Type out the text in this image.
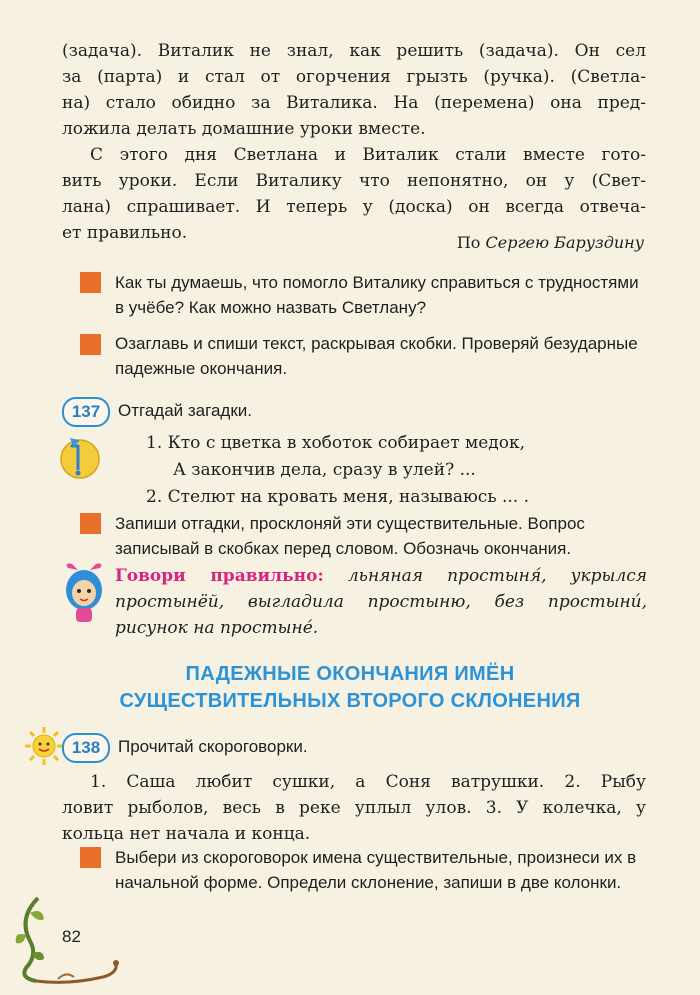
(задача). Виталик не знал, как решить (задача). Он сел
за (парта) и стал от огорчения грызть (ручка). (Светла-
на) стало обидно за Виталика. На (перемена) она пред-
ложила делать домашние уроки вместе.
С этого дня Светлана и Виталик стали вместе гото-
вить уроки. Если Виталику что непонятно, он у (Свет-
лана) спрашивает. И теперь у (доска) он всегда отвеча-
ет правильно.	По Сергею Баруздину
Как ты думаешь, что помогло Виталику справиться с трудностями в учёбе? Как можно назвать Светлану?
Озаглавь и спиши текст, раскрывая скобки. Проверяй безударные падежные окончания.
137	Отгадай загадки.
1. Кто с цветка в хоботок собирает медок,
А закончив дела, сразу в улей? ...
2. Стелют на кровать меня, называюсь ... .
Запиши отгадки, просклоняй эти существительные. Вопрос записывай в скобках перед словом. Обозначь окончания.
Говори правильно: льняная простыня́, укрылся
простынёй, выгладила простыню, без простыни́,
рисунок на простыне́.
ПАДЕЖНЫЕ ОКОНЧАНИЯ ИМЁН
СУЩЕСТВИТЕЛЬНЫХ ВТОРОГО СКЛОНЕНИЯ
138	Прочитай скороговорки.
1. Саша любит сушки, а Соня ватрушки. 2. Рыбу
ловит рыболов, весь в реке уплыл улов. 3. У колечка, у
кольца нет начала и конца.
Выбери из скороговорок имена существительные, произнеси их в начальной форме. Определи склонение, запиши в две колонки.
82
